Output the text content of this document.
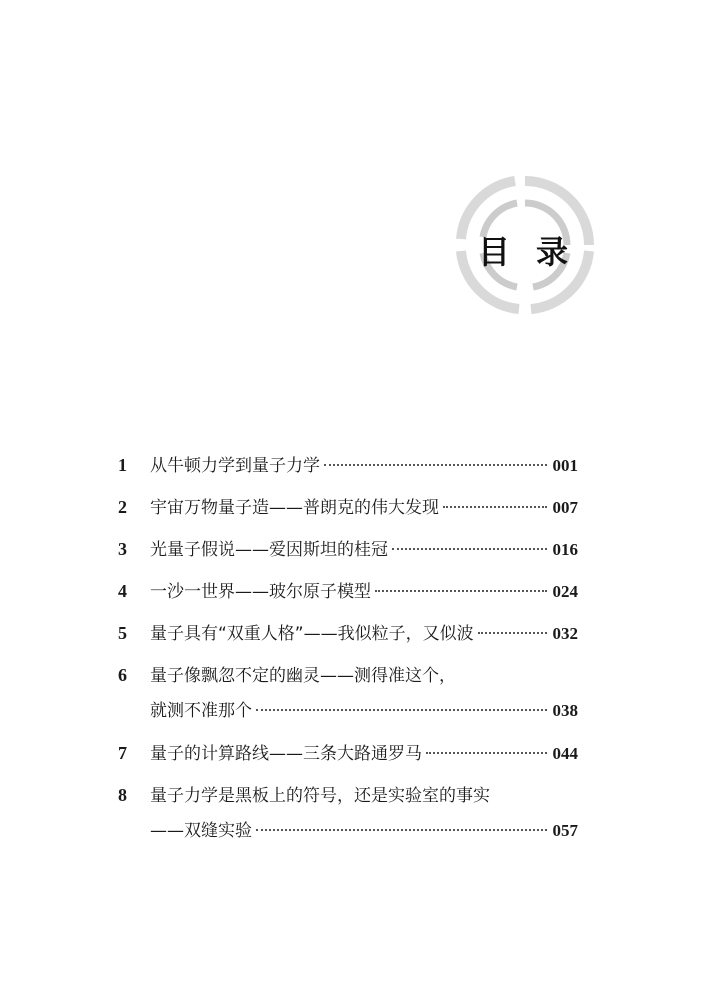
目 录
1	从牛顿力学到量子力学	001
2	宇宙万物量子造——普朗克的伟大发现	007
3	光量子假说——爱因斯坦的桂冠	016
4	一沙一世界——玻尔原子模型	024
5	量子具有“双重人格”——我似粒子，又似波	032
6	量子像飘忽不定的幽灵——测得准这个，
就测不准那个	038
7	量子的计算路线——三条大路通罗马	044
8	量子力学是黑板上的符号，还是实验室的事实
——双缝实验	057
